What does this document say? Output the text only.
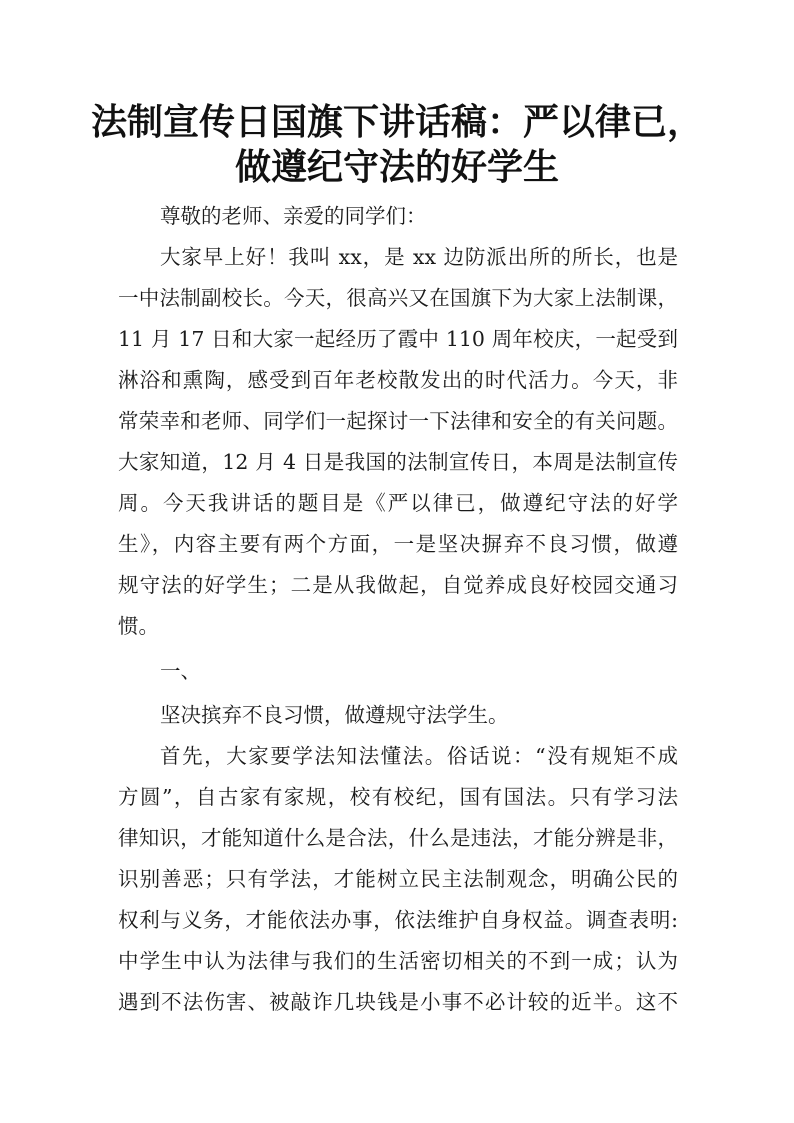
法制宣传日国旗下讲话稿：严以律已，
做遵纪守法的好学生
尊敬的老师、亲爱的同学们：
大家早上好！我叫 xx，是 xx 边防派出所的所长，也是
一中法制副校长。今天，很高兴又在国旗下为大家上法制课，
11 月 17 日和大家一起经历了霞中 110 周年校庆，一起受到
淋浴和熏陶，感受到百年老校散发出的时代活力。今天，非
常荣幸和老师、同学们一起探讨一下法律和安全的有关问题。
大家知道，12 月 4 日是我国的法制宣传日，本周是法制宣传
周。今天我讲话的题目是《严以律已，做遵纪守法的好学
生》，内容主要有两个方面，一是坚决摒弃不良习惯，做遵
规守法的好学生；二是从我做起，自觉养成良好校园交通习
惯。
一、
坚决摈弃不良习惯，做遵规守法学生。
首先，大家要学法知法懂法。俗话说：“没有规矩不成
方圆”，自古家有家规，校有校纪，国有国法。只有学习法
律知识，才能知道什么是合法，什么是违法，才能分辨是非，
识别善恶；只有学法，才能树立民主法制观念，明确公民的
权利与义务，才能依法办事，依法维护自身权益。调查表明:
中学生中认为法律与我们的生活密切相关的不到一成；认为
遇到不法伤害、被敲诈几块钱是小事不必计较的近半。这不
